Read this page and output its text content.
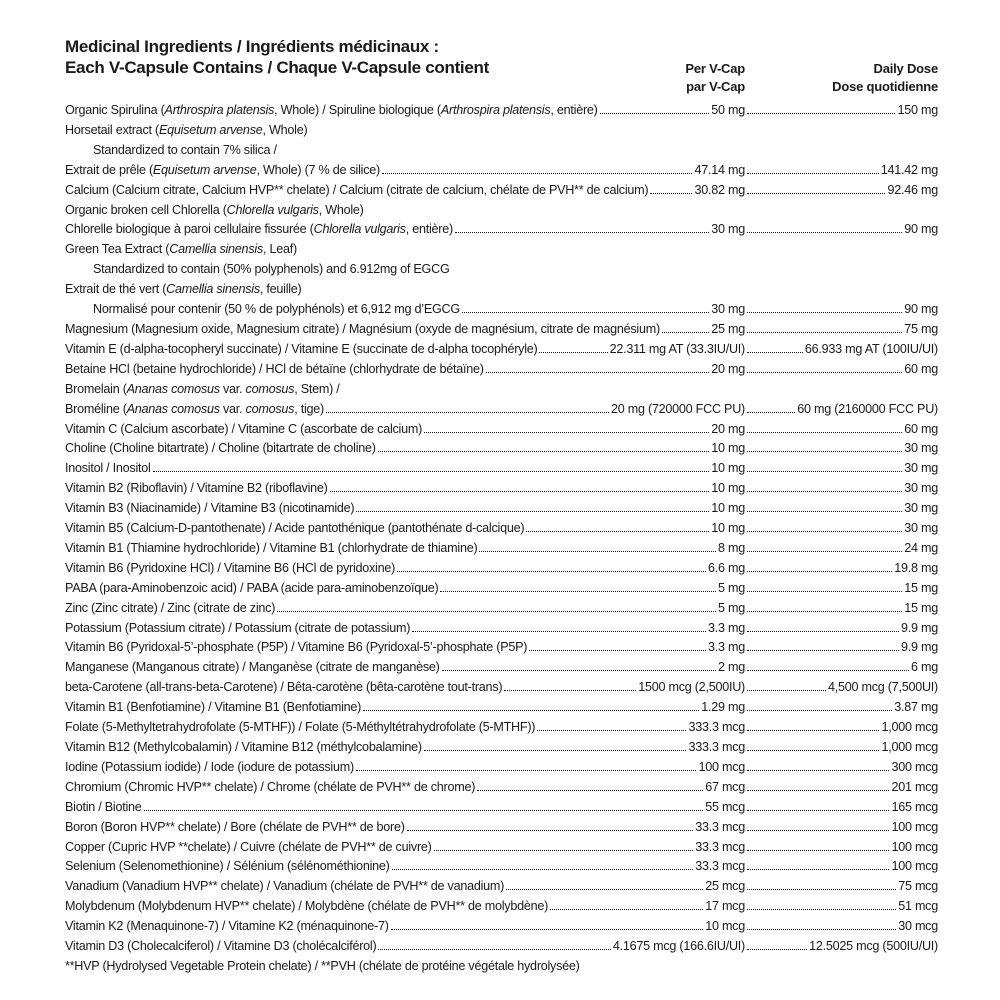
Medicinal Ingredients / Ingrédients médicinaux :
Each V-Capsule Contains / Chaque V-Capsule contient	Per V-Cap	Daily Dose
par V-Cap	Dose quotidienne
Organic Spirulina (Arthrospira platensis, Whole) / Spiruline biologique (Arthrospira platensis, entière)	50 mg	150 mg
Horsetail extract (Equisetum arvense, Whole)
Standardized to contain 7% silica /
Extrait de prêle (Equisetum arvense, Whole) (7 % de silice)	47.14 mg	141.42 mg
Calcium (Calcium citrate, Calcium HVP** chelate) / Calcium (citrate de calcium, chélate de PVH** de calcium)	30.82 mg	92.46 mg
Organic broken cell Chlorella (Chlorella vulgaris, Whole)
Chlorelle biologique à paroi cellulaire fissurée (Chlorella vulgaris, entière)	30 mg	90 mg
Green Tea Extract (Camellia sinensis, Leaf)
Standardized to contain (50% polyphenols) and 6.912mg of EGCG
Extrait de thé vert (Camellia sinensis, feuille)
Normalisé pour contenir (50 % de polyphénols) et 6,912 mg d’EGCG	30 mg	90 mg
Magnesium (Magnesium oxide, Magnesium citrate) / Magnésium (oxyde de magnésium, citrate de magnésium)	25 mg	75 mg
Vitamin E (d-alpha-tocopheryl succinate) / Vitamine E (succinate de d-alpha tocophéryle)	22.311 mg AT (33.3IU/UI)	66.933 mg AT (100IU/UI)
Betaine HCl (betaine hydrochloride) / HCl de bétaïne (chlorhydrate de bétaïne)	20 mg	60 mg
Bromelain (Ananas comosus var. comosus, Stem) /
Broméline (Ananas comosus var. comosus, tige)	20 mg (720000 FCC PU)	60 mg (2160000 FCC PU)
Vitamin C (Calcium ascorbate) / Vitamine C (ascorbate de calcium)	20 mg	60 mg
Choline (Choline bitartrate) / Choline (bitartrate de choline)	10 mg	30 mg
Inositol / Inositol	10 mg	30 mg
Vitamin B2 (Riboflavin) / Vitamine B2 (riboflavine)	10 mg	30 mg
Vitamin B3 (Niacinamide) / Vitamine B3 (nicotinamide)	10 mg	30 mg
Vitamin B5 (Calcium-D-pantothenate) / Acide pantothénique (pantothénate d-calcique)	10 mg	30 mg
Vitamin B1 (Thiamine hydrochloride) / Vitamine B1 (chlorhydrate de thiamine)	8 mg	24 mg
Vitamin B6 (Pyridoxine HCl) / Vitamine B6 (HCl de pyridoxine)	6.6 mg	19.8 mg
PABA (para-Aminobenzoic acid) / PABA (acide para-aminobenzoïque)	5 mg	15 mg
Zinc (Zinc citrate) / Zinc (citrate de zinc)	5 mg	15 mg
Potassium (Potassium citrate) / Potassium (citrate de potassium)	3.3 mg	9.9 mg
Vitamin B6 (Pyridoxal-5’-phosphate (P5P) / Vitamine B6 (Pyridoxal-5’-phosphate (P5P)	3.3 mg	9.9 mg
Manganese (Manganous citrate) / Manganèse (citrate de manganèse)	2 mg	6 mg
beta-Carotene (all-trans-beta-Carotene) / Bêta-carotène (bêta-carotène tout-trans)	1500 mcg (2,500IU)	4,500 mcg (7,500UI)
Vitamin B1 (Benfotiamine) / Vitamine B1 (Benfotiamine)	1.29 mg	3.87 mg
Folate (5-Methyltetrahydrofolate (5-MTHF)) / Folate (5-Méthyltétrahydrofolate (5-MTHF))	333.3 mcg	1,000 mcg
Vitamin B12 (Methylcobalamin) / Vitamine B12 (méthylcobalamine)	333.3 mcg	1,000 mcg
Iodine (Potassium iodide) / Iode (iodure de potassium)	100 mcg	300 mcg
Chromium (Chromic HVP** chelate) / Chrome (chélate de PVH** de chrome)	67 mcg	201 mcg
Biotin / Biotine	55 mcg	165 mcg
Boron (Boron HVP** chelate) / Bore (chélate de PVH** de bore)	33.3 mcg	100 mcg
Copper (Cupric HVP **chelate) / Cuivre (chélate de PVH** de cuivre)	33.3 mcg	100 mcg
Selenium (Selenomethionine) / Sélénium (sélénométhionine)	33.3 mcg	100 mcg
Vanadium (Vanadium HVP** chelate) / Vanadium (chélate de PVH** de vanadium)	25 mcg	75 mcg
Molybdenum (Molybdenum HVP** chelate) / Molybdène (chélate de PVH** de molybdène)	17 mcg	51 mcg
Vitamin K2 (Menaquinone-7) / Vitamine K2 (ménaquinone-7)	10 mcg	30 mcg
Vitamin D3 (Cholecalciferol) / Vitamine D3 (cholécalciférol)	4.1675 mcg (166.6IU/UI)	12.5025 mcg (500IU/UI)
**HVP (Hydrolysed Vegetable Protein chelate) / **PVH (chélate de protéine végétale hydrolysée)
